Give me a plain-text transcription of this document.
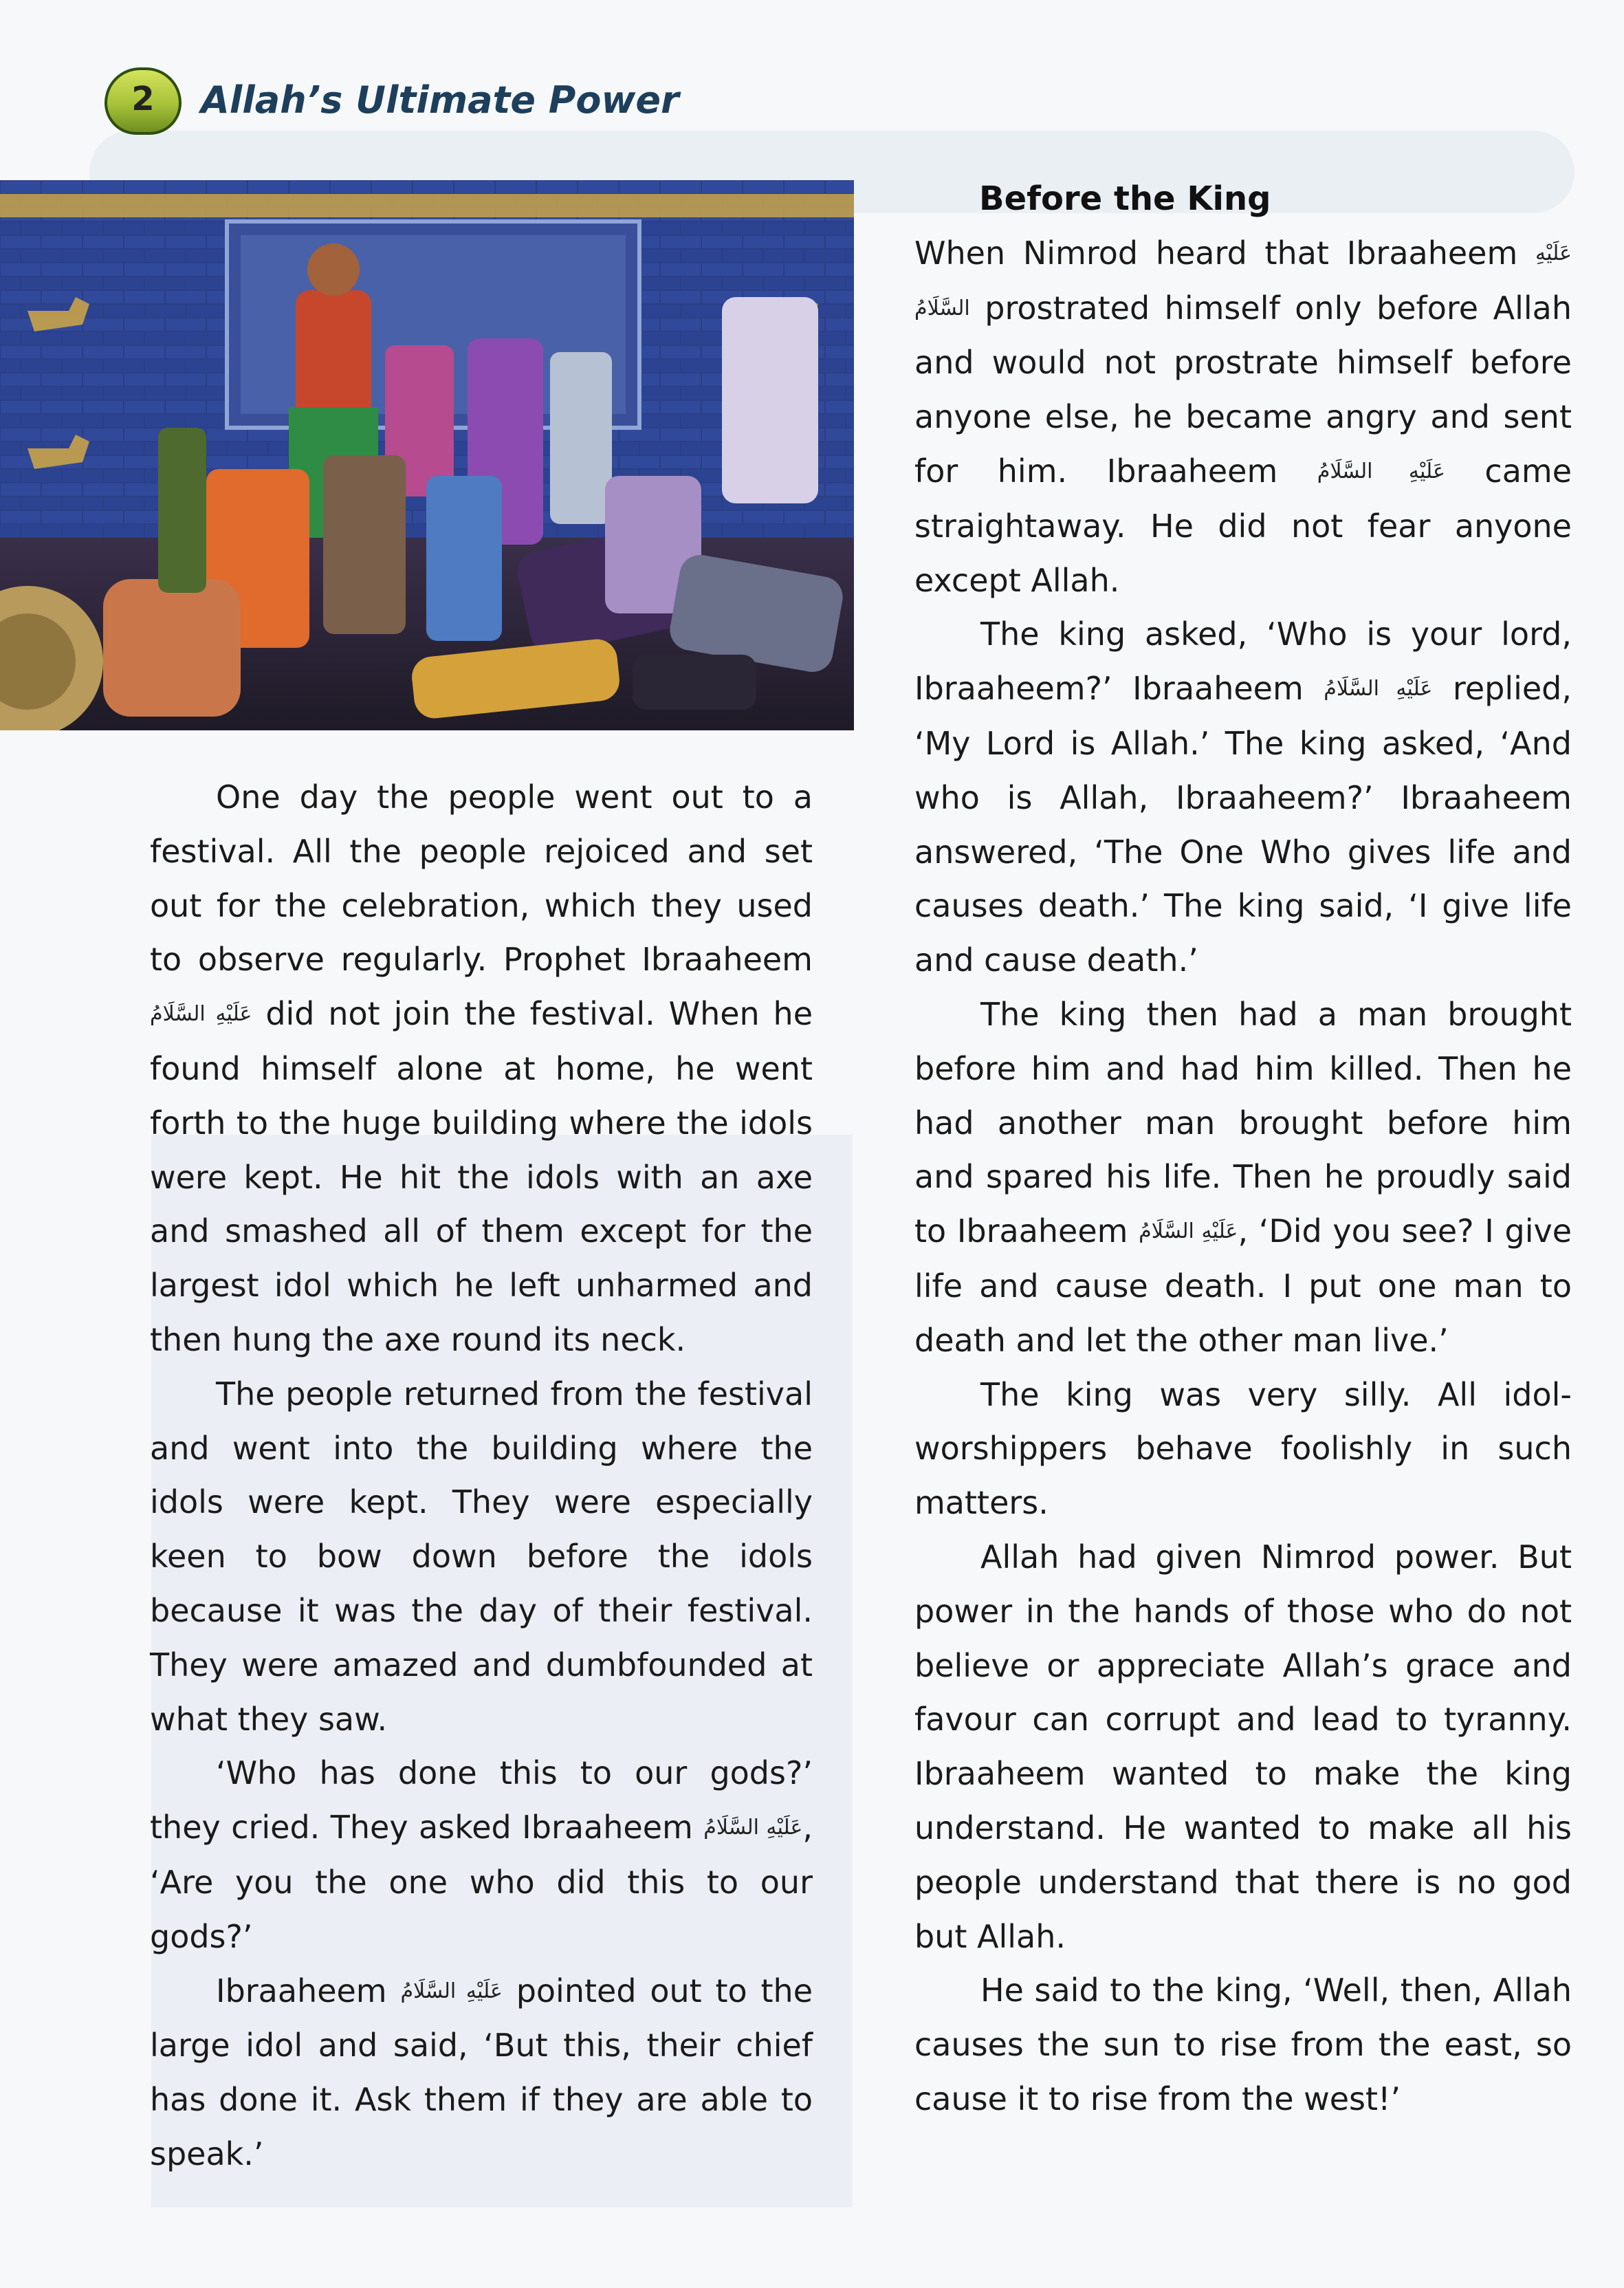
2	Allah’s Ultimate Power

One day the people went out to a festival. All the people rejoiced and set out for the celebration, which they used to observe regularly. Prophet Ibraaheem عَلَيْهِ السَّلَامُ did not join the festival. When he found himself alone at home, he went forth to the huge building where the idols were kept. He hit the idols with an axe and smashed all of them except for the largest idol which he left unharmed and then hung the axe round its neck.

The people returned from the festival and went into the building where the idols were kept. They were especially keen to bow down before the idols because it was the day of their festival. They were amazed and dumbfounded at what they saw.

‘Who has done this to our gods?’ they cried. They asked Ibraaheem عَلَيْهِ السَّلَامُ, ‘Are you the one who did this to our gods?’

Ibraaheem عَلَيْهِ السَّلَامُ pointed out to the large idol and said, ‘But this, their chief has done it. Ask them if they are able to speak.’

Before the King

When Nimrod heard that Ibraaheem عَلَيْهِ السَّلَامُ prostrated himself only before Allah and would not prostrate himself before anyone else, he became angry and sent for him. Ibraaheem عَلَيْهِ السَّلَامُ came straightaway. He did not fear anyone except Allah.

The king asked, ‘Who is your lord, Ibraaheem?’ Ibraaheem عَلَيْهِ السَّلَامُ replied, ‘My Lord is Allah.’ The king asked, ‘And who is Allah, Ibraaheem?’ Ibraaheem answered, ‘The One Who gives life and causes death.’ The king said, ‘I give life and cause death.’

The king then had a man brought before him and had him killed. Then he had another man brought before him and spared his life. Then he proudly said to Ibraaheem عَلَيْهِ السَّلَامُ, ‘Did you see? I give life and cause death. I put one man to death and let the other man live.’

The king was very silly. All idol-worshippers behave foolishly in such matters.

Allah had given Nimrod power. But power in the hands of those who do not believe or appreciate Allah’s grace and favour can corrupt and lead to tyranny. Ibraaheem wanted to make the king understand. He wanted to make all his people understand that there is no god but Allah.

He said to the king, ‘Well, then, Allah causes the sun to rise from the east, so cause it to rise from the west!’
